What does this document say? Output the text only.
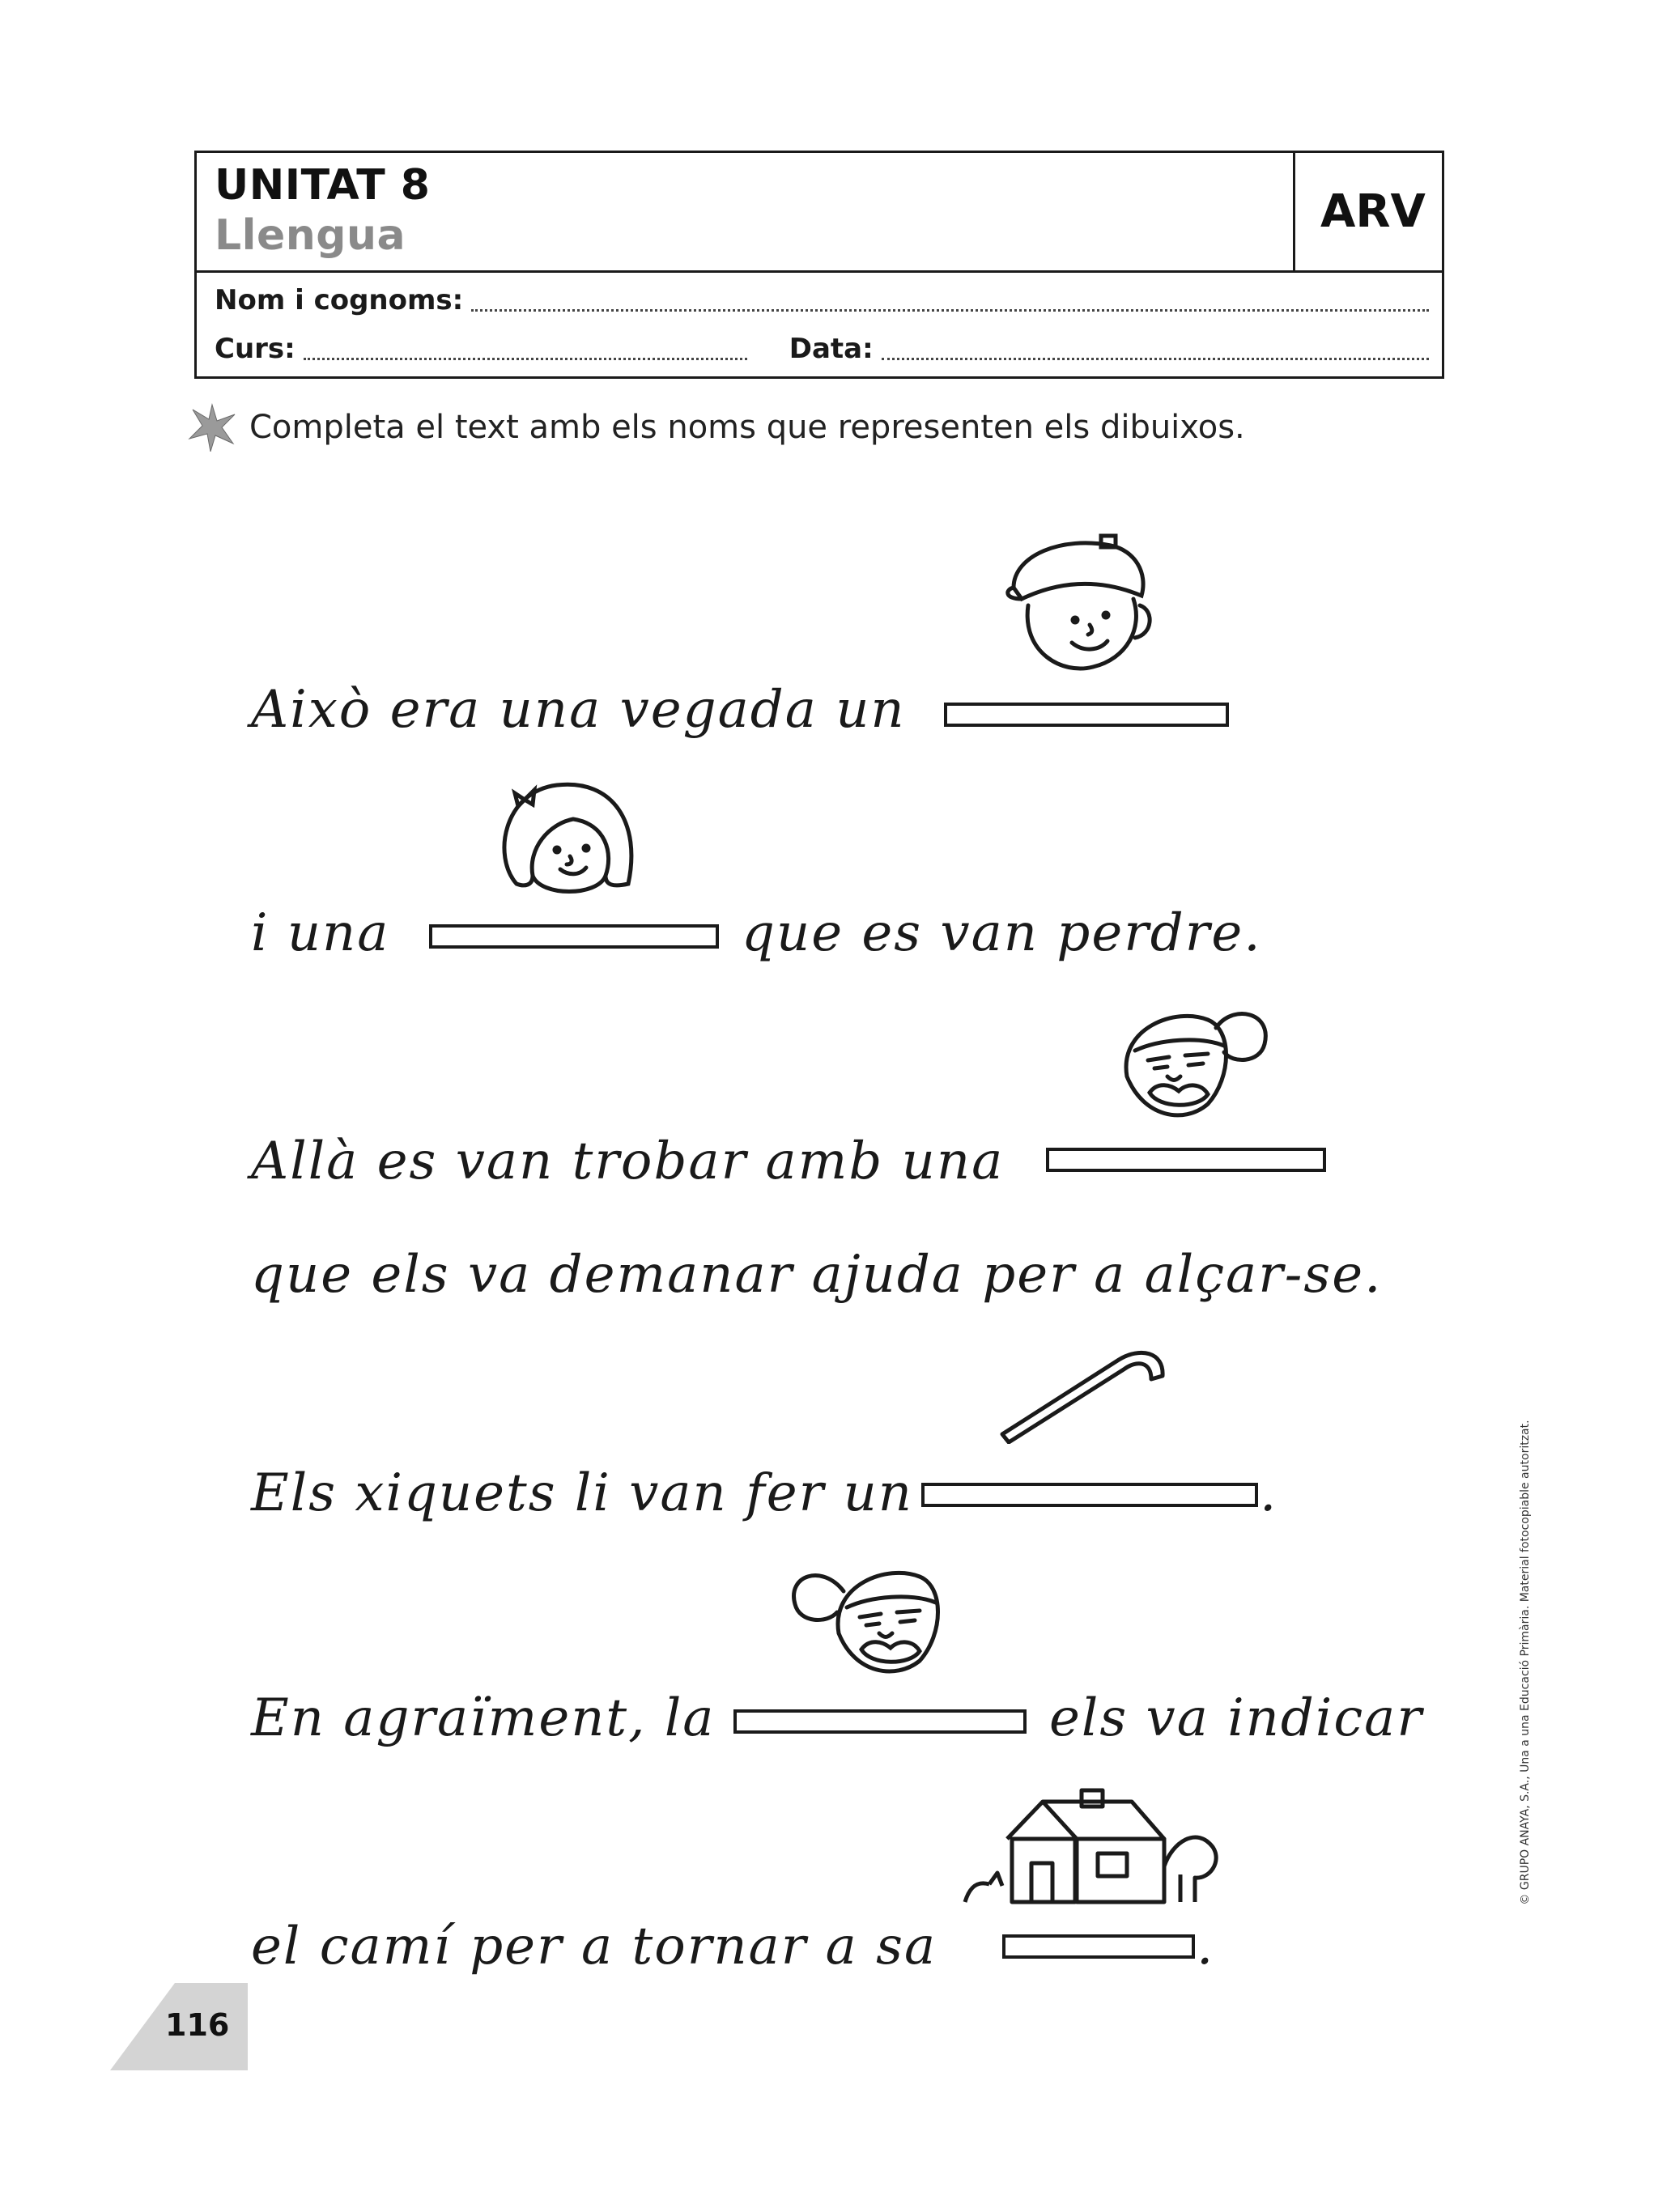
UNITAT 8
Llengua	ARV
Nom i cognoms:
Curs:	Data:
Completa el text amb els noms que representen els dibuixos.
Això era una vegada un
i una	que es van perdre.
Allà es van trobar amb una
que els va demanar ajuda per a alçar-se.
Els xiquets li van fer un	.
En agraïment, la	els va indicar
el camí per a tornar a sa	.
116
© GRUPO ANAYA, S.A., Una a una Educació Primària. Material fotocopiable autoritzat.
